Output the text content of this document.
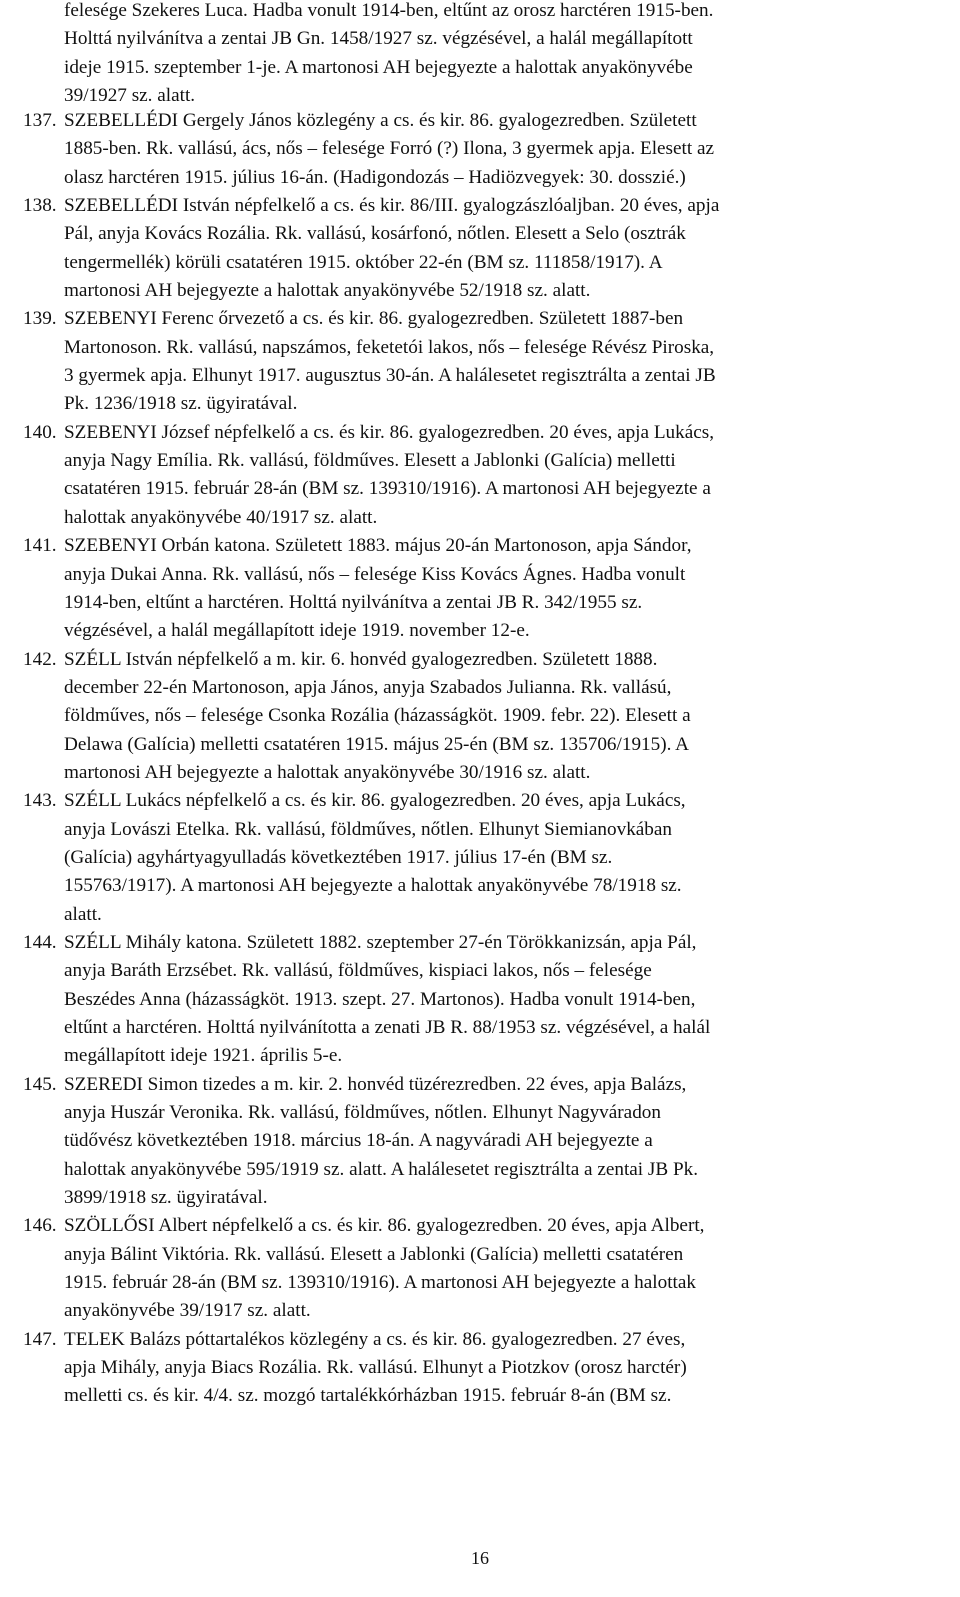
felesége Szekeres Luca. Hadba vonult 1914-ben, eltűnt az orosz harctéren 1915-ben.
Holttá nyilvánítva a zentai JB Gn. 1458/1927 sz. végzésével, a halál megállapított
ideje 1915. szeptember 1-je. A martonosi AH bejegyezte a halottak anyakönyvébe
39/1927 sz. alatt.
137. SZEBELLÉDI Gergely János közlegény a cs. és kir. 86. gyalogezredben. Született
1885-ben. Rk. vallású, ács, nős – felesége Forró (?) Ilona, 3 gyermek apja. Elesett az
olasz harctéren 1915. július 16-án. (Hadigondozás – Hadiözvegyek: 30. dosszié.)
138. SZEBELLÉDI István népfelkelő a cs. és kir. 86/III. gyalogzászlóaljban. 20 éves, apja
Pál, anyja Kovács Rozália. Rk. vallású, kosárfonó, nőtlen. Elesett a Selo (osztrák
tengermellék) körüli csatatéren 1915. október 22-én (BM sz. 111858/1917). A
martonosi AH bejegyezte a halottak anyakönyvébe 52/1918 sz. alatt.
139. SZEBENYI Ferenc őrvezető a cs. és kir. 86. gyalogezredben. Született 1887-ben
Martonoson. Rk. vallású, napszámos, feketetói lakos, nős – felesége Révész Piroska,
3 gyermek apja. Elhunyt 1917. augusztus 30-án. A halálesetet regisztrálta a zentai JB
Pk. 1236/1918 sz. ügyiratával.
140. SZEBENYI József népfelkelő a cs. és kir. 86. gyalogezredben. 20 éves, apja Lukács,
anyja Nagy Emília. Rk. vallású, földműves. Elesett a Jablonki (Galícia) melletti
csatatéren 1915. február 28-án (BM sz. 139310/1916). A martonosi AH bejegyezte a
halottak anyakönyvébe 40/1917 sz. alatt.
141. SZEBENYI Orbán katona. Született 1883. május 20-án Martonoson, apja Sándor,
anyja Dukai Anna. Rk. vallású, nős – felesége Kiss Kovács Ágnes. Hadba vonult
1914-ben, eltűnt a harctéren. Holttá nyilvánítva a zentai JB R. 342/1955 sz.
végzésével, a halál megállapított ideje 1919. november 12-e.
142. SZÉLL István népfelkelő a m. kir. 6. honvéd gyalogezredben. Született 1888.
december 22-én Martonoson, apja János, anyja Szabados Julianna. Rk. vallású,
földműves, nős – felesége Csonka Rozália (házasságköt. 1909. febr. 22). Elesett a
Delawa (Galícia) melletti csatatéren 1915. május 25-én (BM sz. 135706/1915). A
martonosi AH bejegyezte a halottak anyakönyvébe 30/1916 sz. alatt.
143. SZÉLL Lukács népfelkelő a cs. és kir. 86. gyalogezredben. 20 éves, apja Lukács,
anyja Lovászi Etelka. Rk. vallású, földműves, nőtlen. Elhunyt Siemianovkában
(Galícia) agyhártyagyulladás következtében 1917. július 17-én (BM sz.
155763/1917). A martonosi AH bejegyezte a halottak anyakönyvébe 78/1918 sz.
alatt.
144. SZÉLL Mihály katona. Született 1882. szeptember 27-én Törökkanizsán, apja Pál,
anyja Baráth Erzsébet. Rk. vallású, földműves, kispiaci lakos, nős – felesége
Beszédes Anna (házasságköt. 1913. szept. 27. Martonos). Hadba vonult 1914-ben,
eltűnt a harctéren. Holttá nyilvánította a zenati JB R. 88/1953 sz. végzésével, a halál
megállapított ideje 1921. április 5-e.
145. SZEREDI Simon tizedes a m. kir. 2. honvéd tüzérezredben. 22 éves, apja Balázs,
anyja Huszár Veronika. Rk. vallású, földműves, nőtlen. Elhunyt Nagyváradon
tüdővész következtében 1918. március 18-án. A nagyváradi AH bejegyezte a
halottak anyakönyvébe 595/1919 sz. alatt. A halálesetet regisztrálta a zentai JB Pk.
3899/1918 sz. ügyiratával.
146. SZÖLLŐSI Albert népfelkelő a cs. és kir. 86. gyalogezredben. 20 éves, apja Albert,
anyja Bálint Viktória. Rk. vallású. Elesett a Jablonki (Galícia) melletti csatatéren
1915. február 28-án (BM sz. 139310/1916). A martonosi AH bejegyezte a halottak
anyakönyvébe 39/1917 sz. alatt.
147. TELEK Balázs póttartalékos közlegény a cs. és kir. 86. gyalogezredben. 27 éves,
apja Mihály, anyja Biacs Rozália. Rk. vallású. Elhunyt a Piotzkov (orosz harctér)
melletti cs. és kir. 4/4. sz. mozgó tartalékkórházban 1915. február 8-án (BM sz.
16
